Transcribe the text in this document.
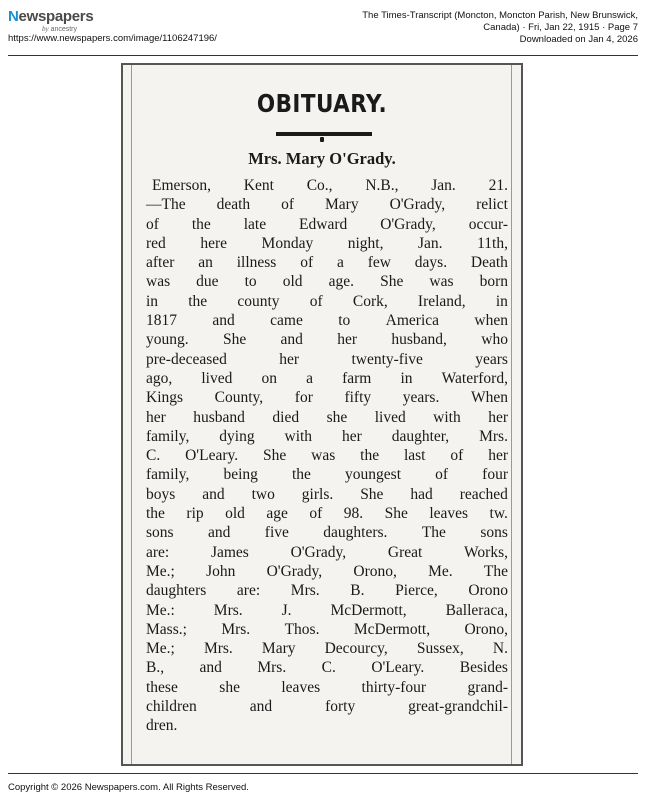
Newspapers
by ancestry
https://www.newspapers.com/image/1106247196/
The Times-Transcript (Moncton, Moncton Parish, New Brunswick,
Canada) · Fri, Jan 22, 1915 · Page 7
Downloaded on Jan 4, 2026
OBITUARY.
Mrs. Mary O'Grady.
Emerson, Kent Co., N.B., Jan. 21.
—The death of Mary O'Grady, relict
of the late Edward O'Grady, occur-
red here Monday night, Jan. 11th,
after an illness of a few days. Death
was due to old age. She was born
in the county of Cork, Ireland, in
1817 and came to America when
young. She and her husband, who
pre-deceased	her	twenty-five	years
ago, lived on a farm in Waterford,
Kings County, for fifty years. When
her husband died she lived with her
family, dying with her daughter, Mrs.
C. O'Leary. She was the last of her
family, being the youngest of four
boys and two girls. She had reached
the rip old age of 98. She leaves tw.
sons and five daughters. The sons
are:	James	O'Grady,	Great	Works,
Me.; John O'Grady, Orono, Me. The
daughters are: Mrs. B. Pierce, Orono
Me.:	Mrs.	J.	McDermott,	Balleraca,
Mass.; Mrs. Thos. McDermott, Orono,
Me.; Mrs. Mary Decourcy, Sussex, N.
B., and Mrs. C. O'Leary. Besides
these	she	leaves	thirty-four	grand-
children	and	forty	great-grandchil-
dren.
Copyright © 2026 Newspapers.com. All Rights Reserved.
